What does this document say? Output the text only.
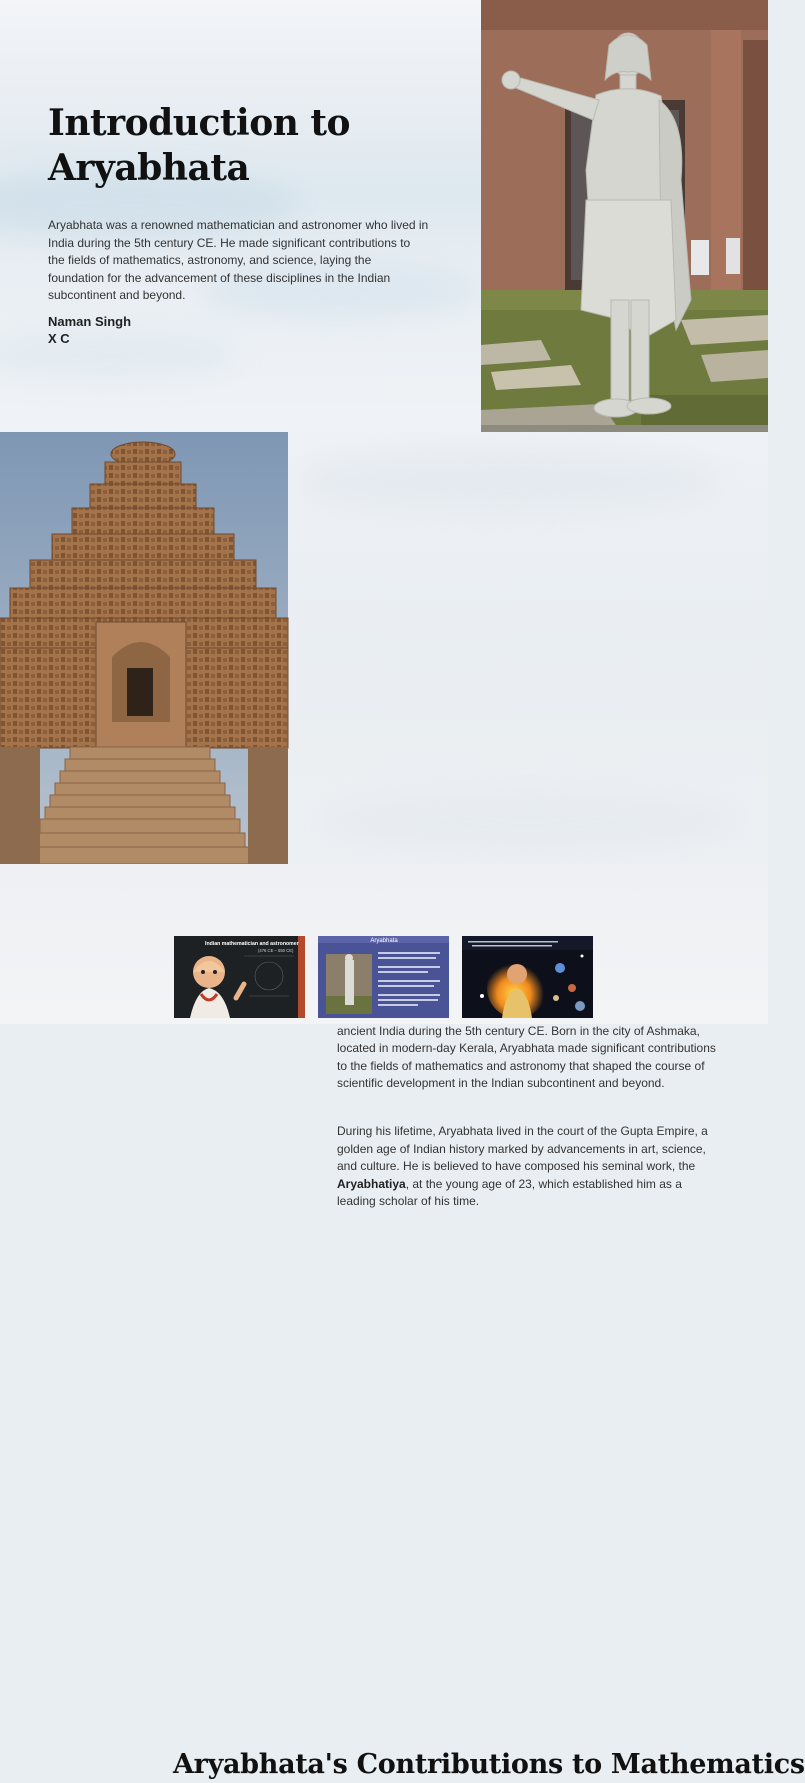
Introduction to Aryabhata

Aryabhata was a renowned mathematician and astronomer who lived in India during the 5th century CE. He made significant contributions to the fields of mathematics, astronomy, and science, laying the foundation for the advancement of these disciplines in the Indian subcontinent and beyond.

Naman Singh
X C

ancient India during the 5th century CE. Born in the city of Ashmaka, located in modern-day Kerala, Aryabhata made significant contributions to the fields of mathematics and astronomy that shaped the course of scientific development in the Indian subcontinent and beyond.

During his lifetime, Aryabhata lived in the court of the Gupta Empire, a golden age of Indian history marked by advancements in art, science, and culture. He is believed to have composed his seminal work, the Aryabhatiya, at the young age of 23, which established him as a leading scholar of his time.

Aryabhata's Contributions to Mathematics
Indian mathematician and astronomer
(476 CE – 550 CE)
Aryabhata
